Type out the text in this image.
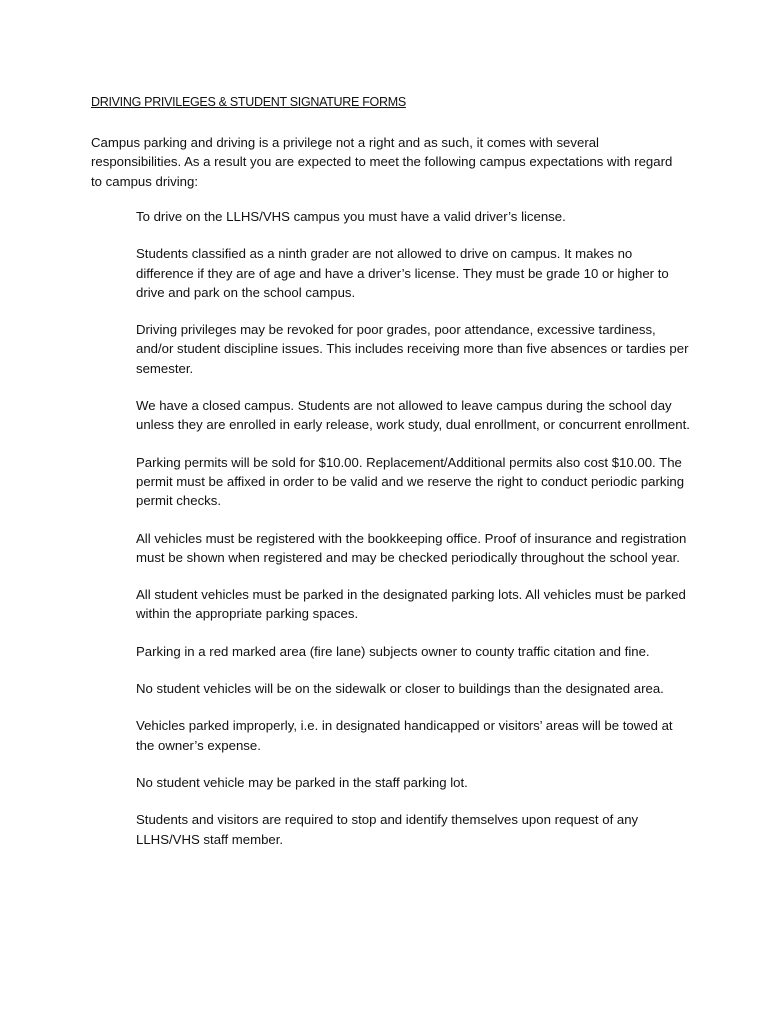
DRIVING PRIVILEGES & STUDENT SIGNATURE FORMS

Campus parking and driving is a privilege not a right and as such, it comes with several responsibilities. As a result you are expected to meet the following campus expectations with regard to campus driving:

To drive on the LLHS/VHS campus you must have a valid driver’s license.
Students classified as a ninth grader are not allowed to drive on campus. It makes no difference if they are of age and have a driver’s license. They must be grade 10 or higher to drive and park on the school campus.
Driving privileges may be revoked for poor grades, poor attendance, excessive tardiness, and/or student discipline issues. This includes receiving more than five absences or tardies per semester.
We have a closed campus. Students are not allowed to leave campus during the school day unless they are enrolled in early release, work study, dual enrollment, or concurrent enrollment.
Parking permits will be sold for $10.00. Replacement/Additional permits also cost $10.00. The permit must be affixed in order to be valid and we reserve the right to conduct periodic parking permit checks.
All vehicles must be registered with the bookkeeping office. Proof of insurance and registration must be shown when registered and may be checked periodically throughout the school year.
All student vehicles must be parked in the designated parking lots. All vehicles must be parked within the appropriate parking spaces.
Parking in a red marked area (fire lane) subjects owner to county traffic citation and fine.
No student vehicles will be on the sidewalk or closer to buildings than the designated area.
Vehicles parked improperly, i.e. in designated handicapped or visitors’ areas will be towed at the owner’s expense.
No student vehicle may be parked in the staff parking lot.
Students and visitors are required to stop and identify themselves upon request of any LLHS/VHS staff member.
